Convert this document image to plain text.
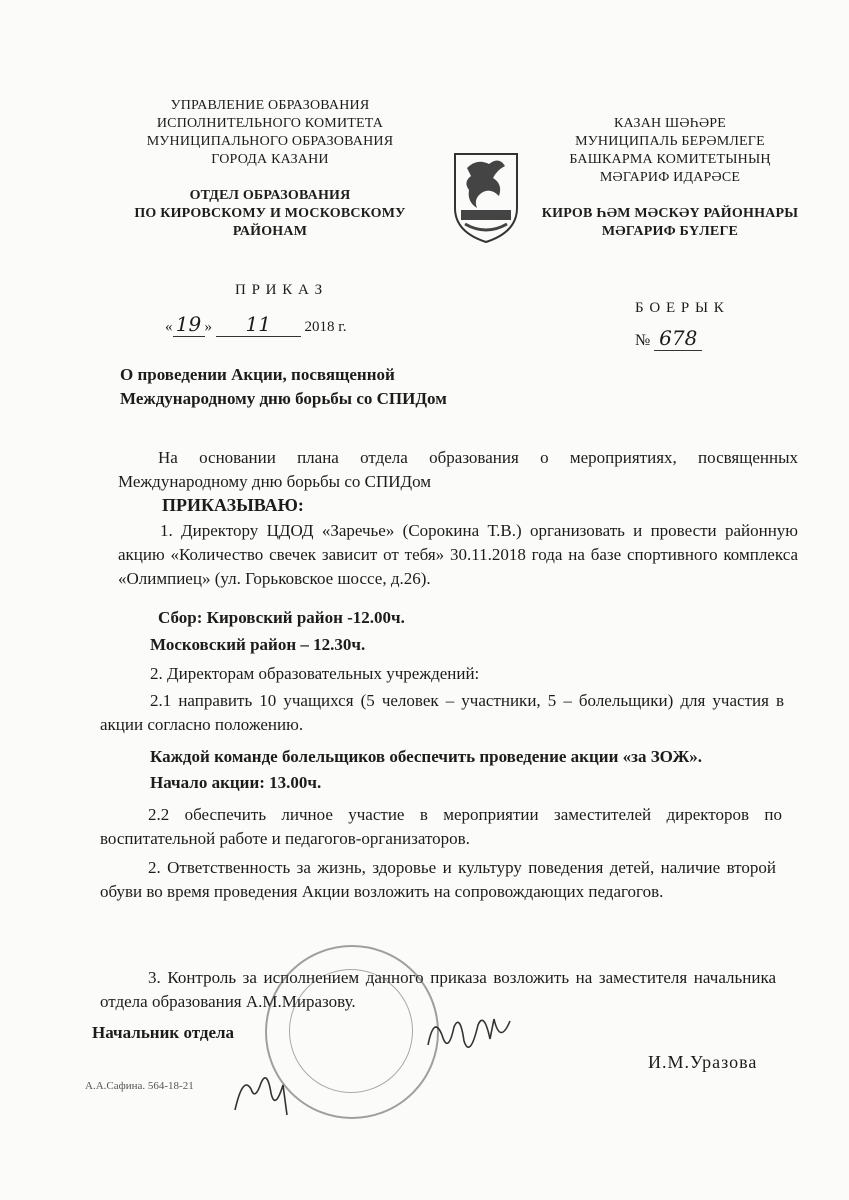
УПРАВЛЕНИЕ ОБРАЗОВАНИЯ
ИСПОЛНИТЕЛЬНОГО КОМИТЕТА
МУНИЦИПАЛЬНОГО ОБРАЗОВАНИЯ
ГОРОДА КАЗАНИ
ОТДЕЛ ОБРАЗОВАНИЯ
ПО КИРОВСКОМУ И МОСКОВСКОМУ
РАЙОНАМ
КАЗАН ШӘҺӘРЕ
МУНИЦИПАЛЬ БЕРӘМЛЕГЕ
БАШКАРМА КОМИТЕТЫНЫҢ
МӘГАРИФ ИДАРӘСЕ
КИРОВ ҺӘМ МӘСКӘҮ РАЙОННАРЫ
МӘГАРИФ БҮЛЕГЕ
П Р И К А З
Б О Е Р Ы К
« 19 » 11 2018 г.
№ 678
О проведении Акции, посвященной
Международному дню борьбы со СПИДом
На основании плана отдела образования о мероприятиях, посвященных Международному дню борьбы со СПИДом
ПРИКАЗЫВАЮ:
1. Директору ЦДОД «Заречье» (Сорокина Т.В.) организовать и провести районную акцию «Количество свечек зависит от тебя» 30.11.2018 года на базе спортивного комплекса «Олимпиец» (ул. Горьковское шоссе, д.26).
Сбор: Кировский район -12.00ч.
Московский район – 12.30ч.
2. Директорам образовательных учреждений:
2.1 направить 10 учащихся (5 человек – участники, 5 – болельщики) для участия в акции согласно положению.
Каждой команде болельщиков обеспечить проведение акции «за ЗОЖ».
Начало акции: 13.00ч.
2.2 обеспечить личное участие в мероприятии заместителей директоров по воспитательной работе и педагогов-организаторов.
2. Ответственность за жизнь, здоровье и культуру поведения детей, наличие второй обуви во время проведения Акции возложить на сопровождающих педагогов.
3. Контроль за исполнением данного приказа возложить на заместителя начальника отдела образования А.М.Миразову.
Начальник отдела
И.М.Уразова
А.А.Сафина. 564-18-21
